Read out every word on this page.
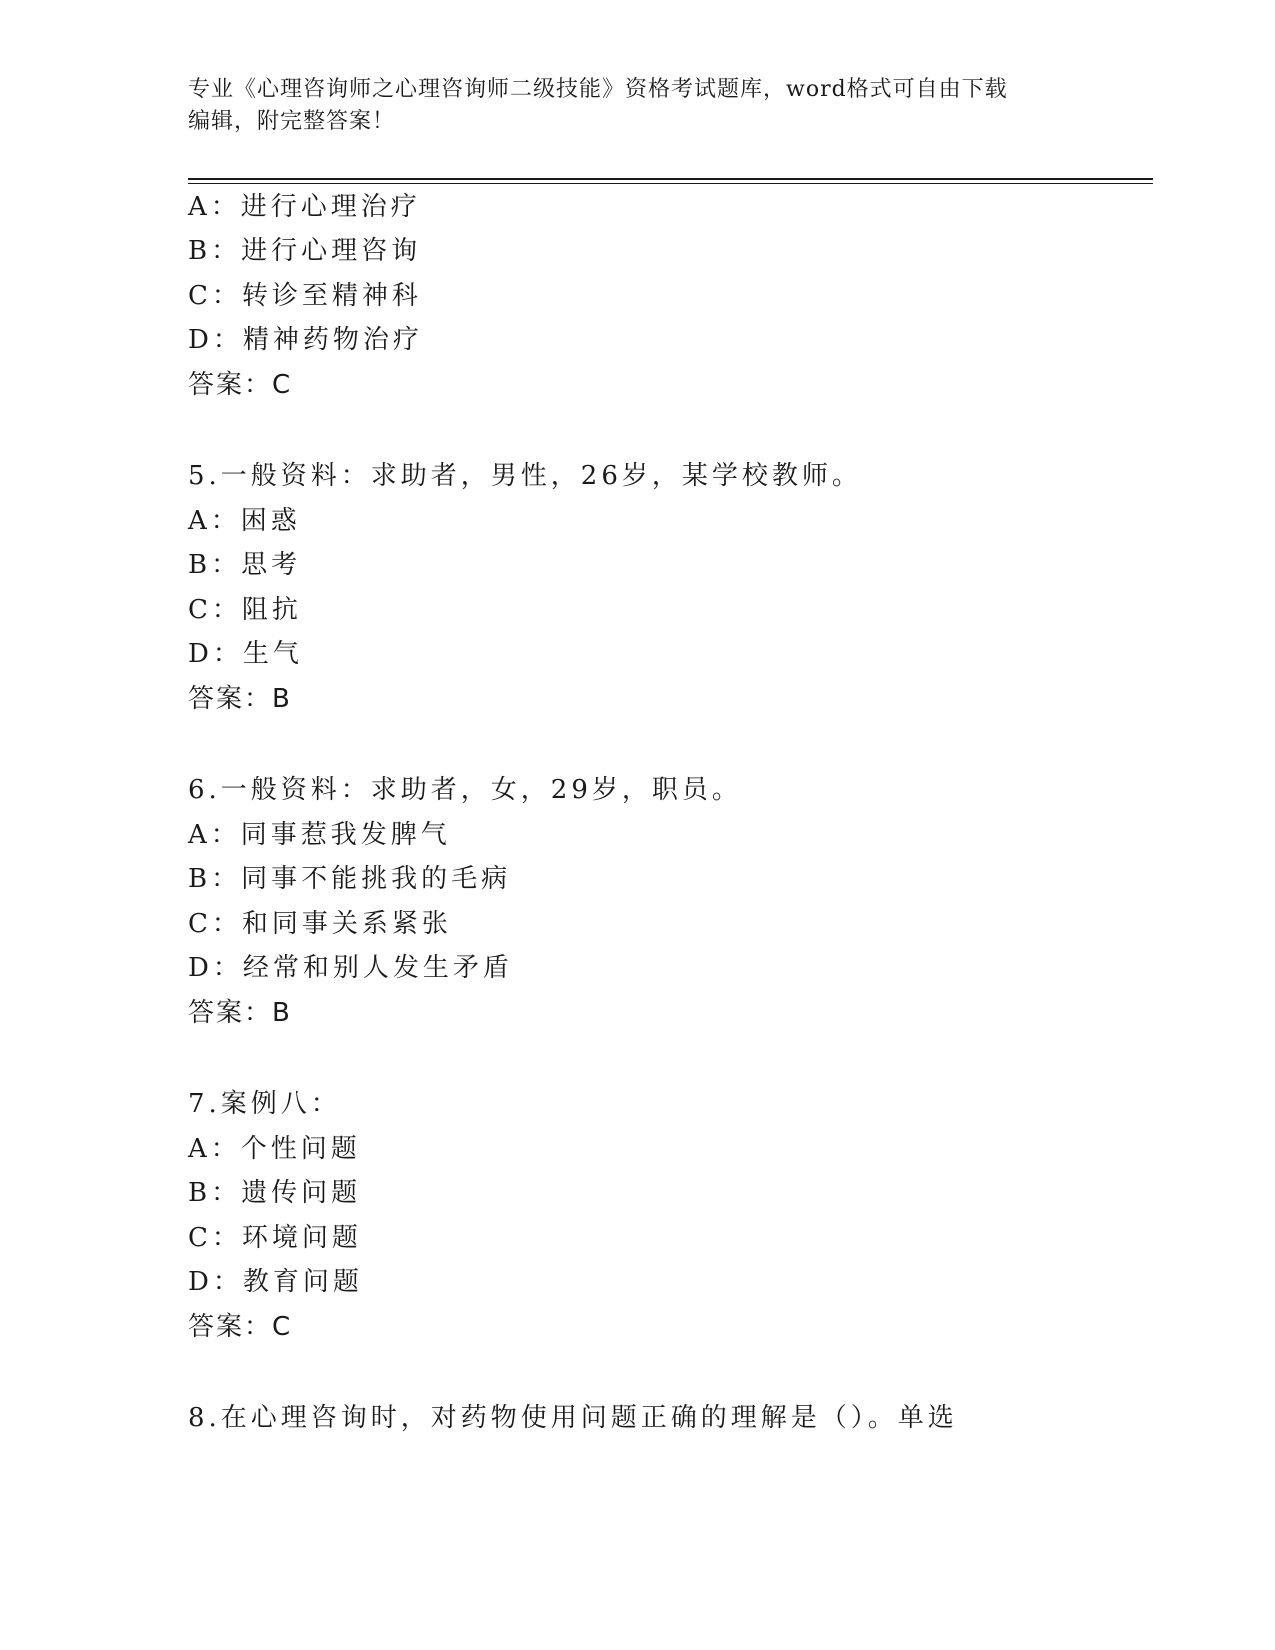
专业《心理咨询师之心理咨询师二级技能》资格考试题库，word格式可自由下载
编辑，附完整答案！
A：进行心理治疗
B：进行心理咨询
C：转诊至精神科
D：精神药物治疗
答案：C
5.一般资料：求助者，男性，26岁，某学校教师。
A：困惑
B：思考
C：阻抗
D：生气
答案：B
6.一般资料：求助者，女，29岁，职员。
A：同事惹我发脾气
B：同事不能挑我的毛病
C：和同事关系紧张
D：经常和别人发生矛盾
答案：B
7.案例八：
A：个性问题
B：遗传问题
C：环境问题
D：教育问题
答案：C
8.在心理咨询时，对药物使用问题正确的理解是（）。单选
